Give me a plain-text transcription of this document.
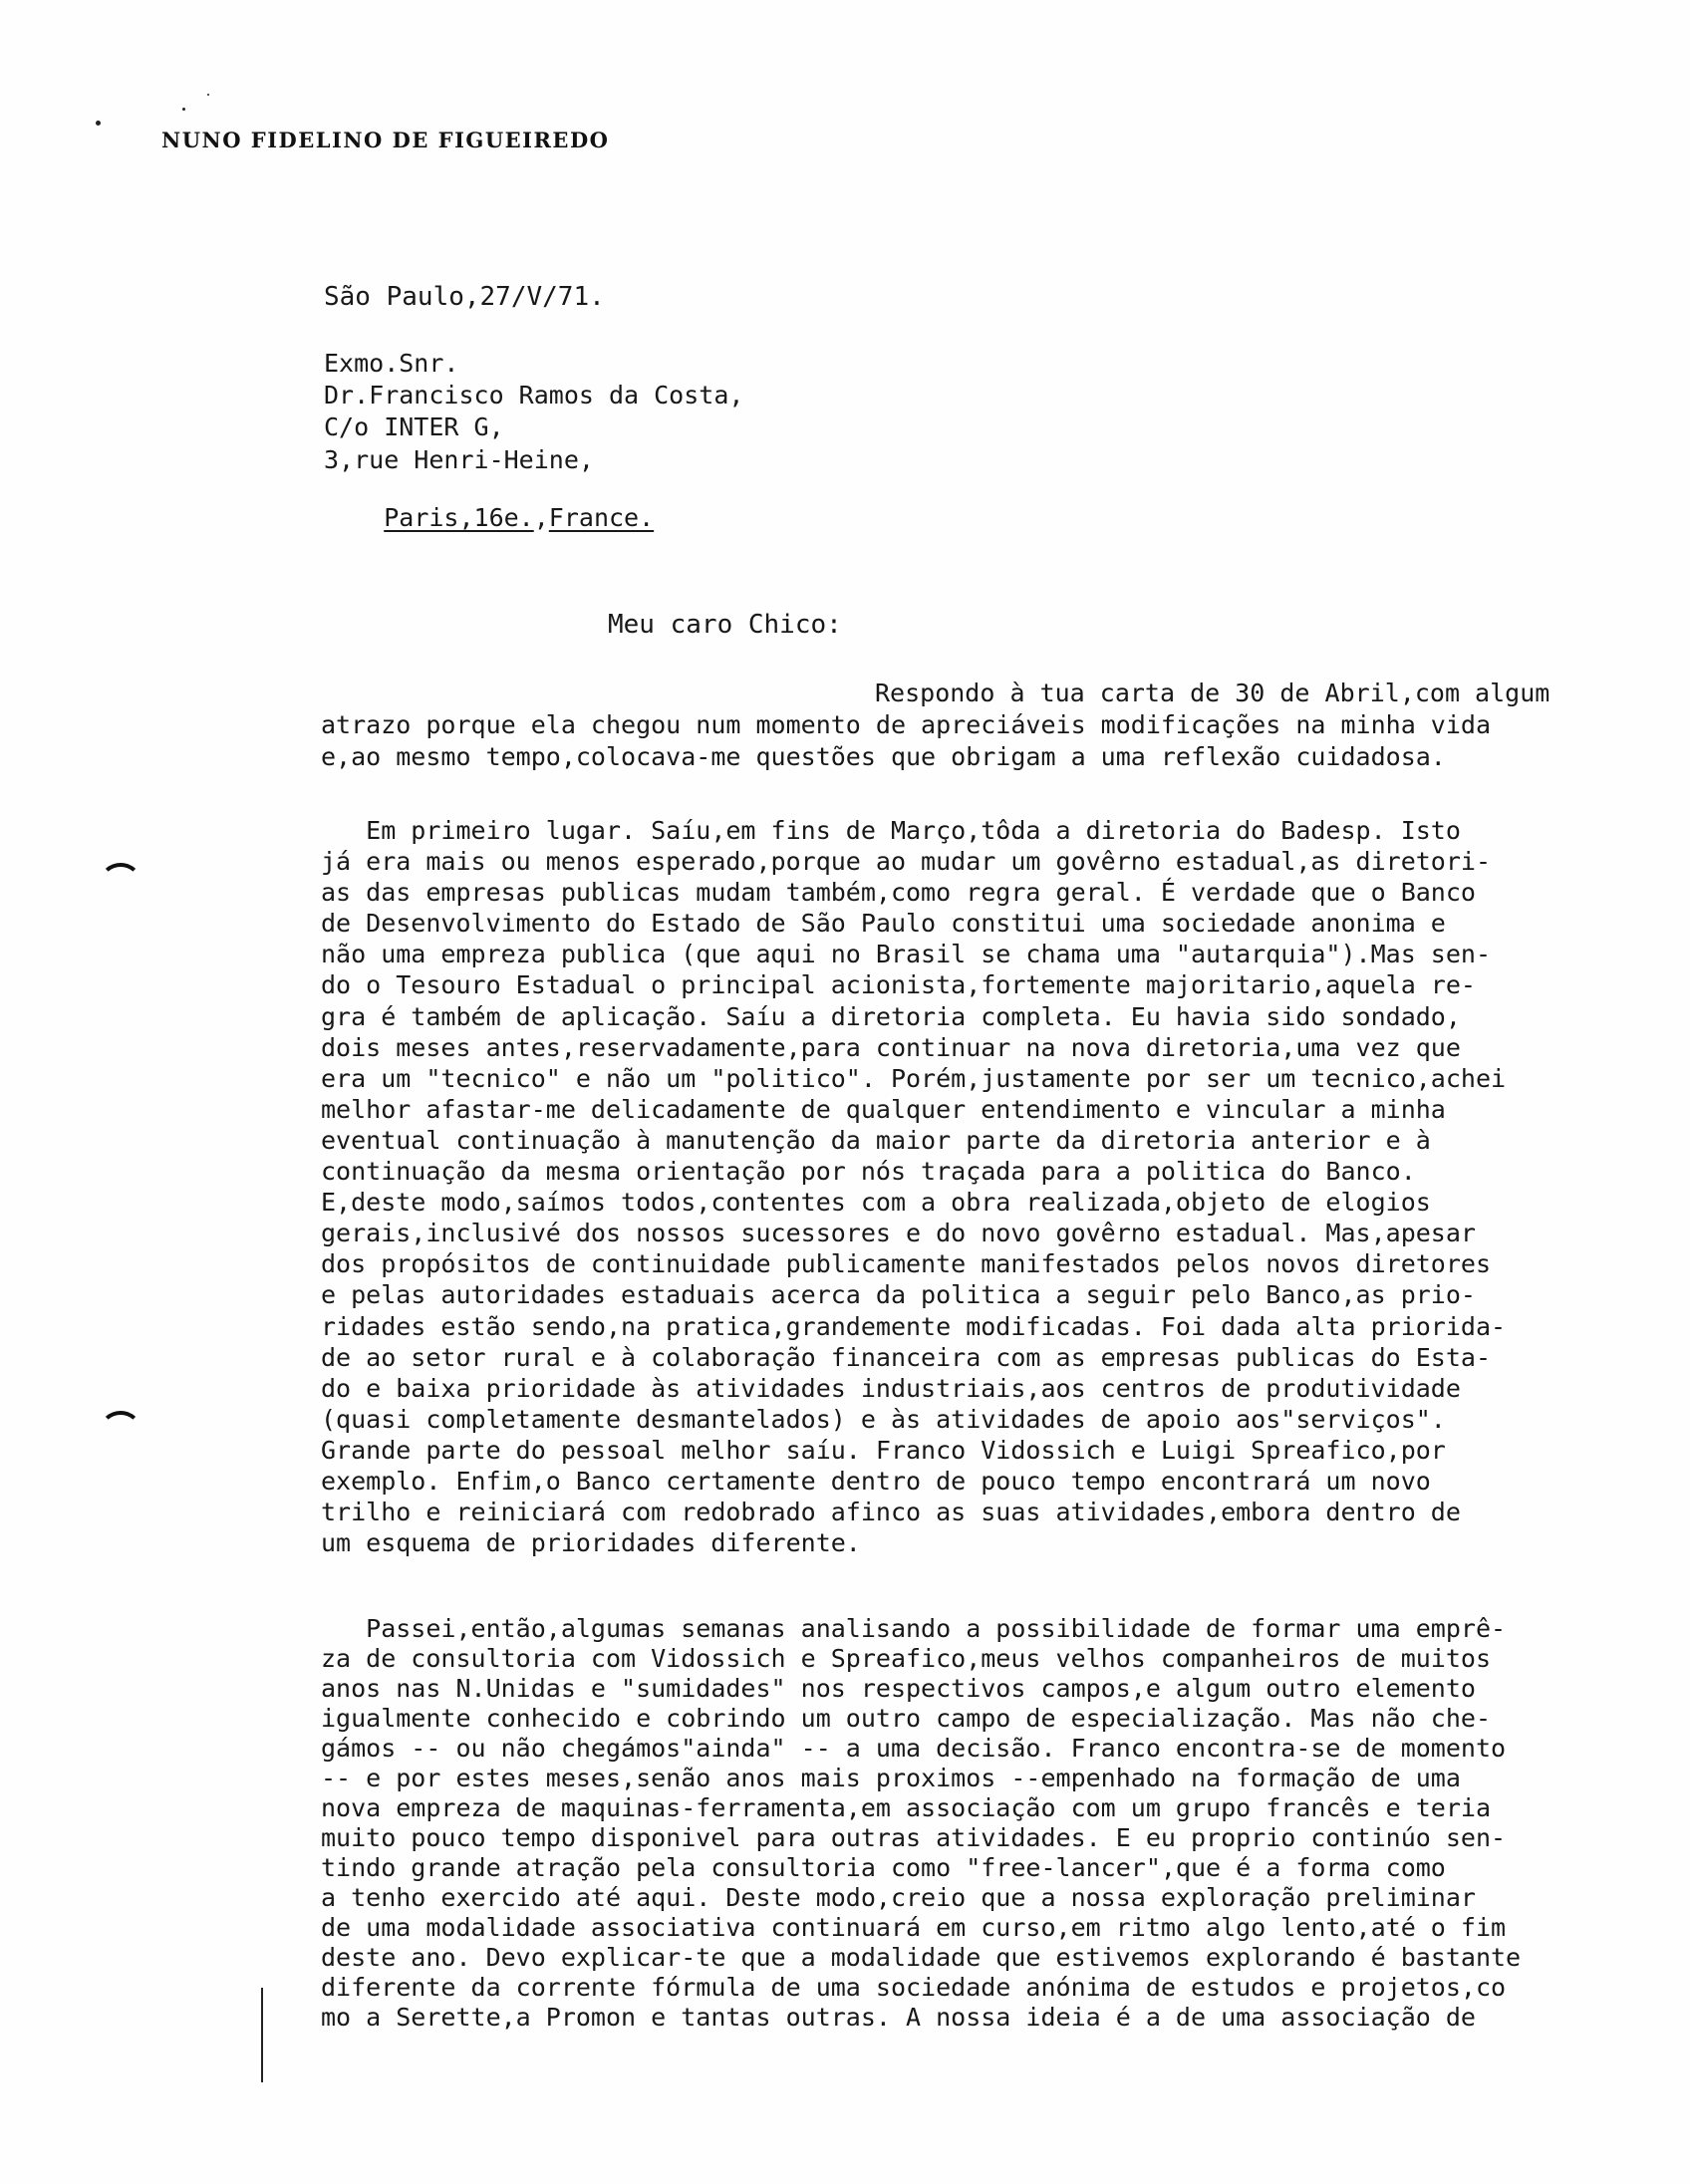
NUNO FIDELINO DE FIGUEIREDO
São Paulo,27/V/71.
Exmo.Snr.
Dr.Francisco Ramos da Costa,
C/o INTER G,
3,rue Henri-Heine,

Paris,16e.,France.

Meu caro Chico:
Respondo à tua carta de 30 de Abril,com algum
atrazo porque ela chegou num momento de apreciáveis modificações na minha vida
e,ao mesmo tempo,colocava-me questões que obrigam a uma reflexão cuidadosa.
Em primeiro lugar. Saíu,em fins de Março,tôda a diretoria do Badesp. Isto
já era mais ou menos esperado,porque ao mudar um govêrno estadual,as diretori-
as das empresas publicas mudam também,como regra geral. É verdade que o Banco
de Desenvolvimento do Estado de São Paulo constitui uma sociedade anonima e
não uma empreza publica (que aqui no Brasil se chama uma "autarquia").Mas sen-
do o Tesouro Estadual o principal acionista,fortemente majoritario,aquela re-
gra é também de aplicação. Saíu a diretoria completa. Eu havia sido sondado,
dois meses antes,reservadamente,para continuar na nova diretoria,uma vez que
era um "tecnico" e não um "politico". Porém,justamente por ser um tecnico,achei
melhor afastar-me delicadamente de qualquer entendimento e vincular a minha
eventual continuação à manutenção da maior parte da diretoria anterior e à
continuação da mesma orientação por nós traçada para a politica do Banco.
E,deste modo,saímos todos,contentes com a obra realizada,objeto de elogios
gerais,inclusivé dos nossos sucessores e do novo govêrno estadual. Mas,apesar
dos propósitos de continuidade publicamente manifestados pelos novos diretores
e pelas autoridades estaduais acerca da politica a seguir pelo Banco,as prio-
ridades estão sendo,na pratica,grandemente modificadas. Foi dada alta priorida-
de ao setor rural e à colaboração financeira com as empresas publicas do Esta-
do e baixa prioridade às atividades industriais,aos centros de produtividade
(quasi completamente desmantelados) e às atividades de apoio aos"serviços".
Grande parte do pessoal melhor saíu. Franco Vidossich e Luigi Spreafico,por
exemplo. Enfim,o Banco certamente dentro de pouco tempo encontrará um novo
trilho e reiniciará com redobrado afinco as suas atividades,embora dentro de
um esquema de prioridades diferente.
Passei,então,algumas semanas analisando a possibilidade de formar uma emprê-
za de consultoria com Vidossich e Spreafico,meus velhos companheiros de muitos
anos nas N.Unidas e "sumidades" nos respectivos campos,e algum outro elemento
igualmente conhecido e cobrindo um outro campo de especialização. Mas não che-
gámos -- ou não chegámos"ainda" -- a uma decisão. Franco encontra-se de momento
-- e por estes meses,senão anos mais proximos --empenhado na formação de uma
nova empreza de maquinas-ferramenta,em associação com um grupo francês e teria
muito pouco tempo disponivel para outras atividades. E eu proprio continúo sen-
tindo grande atração pela consultoria como "free-lancer",que é a forma como
a tenho exercido até aqui. Deste modo,creio que a nossa exploração preliminar
de uma modalidade associativa continuará em curso,em ritmo algo lento,até o fim
deste ano. Devo explicar-te que a modalidade que estivemos explorando é bastante
diferente da corrente fórmula de uma sociedade anónima de estudos e projetos,co
mo a Serette,a Promon e tantas outras. A nossa ideia é a de uma associação de
